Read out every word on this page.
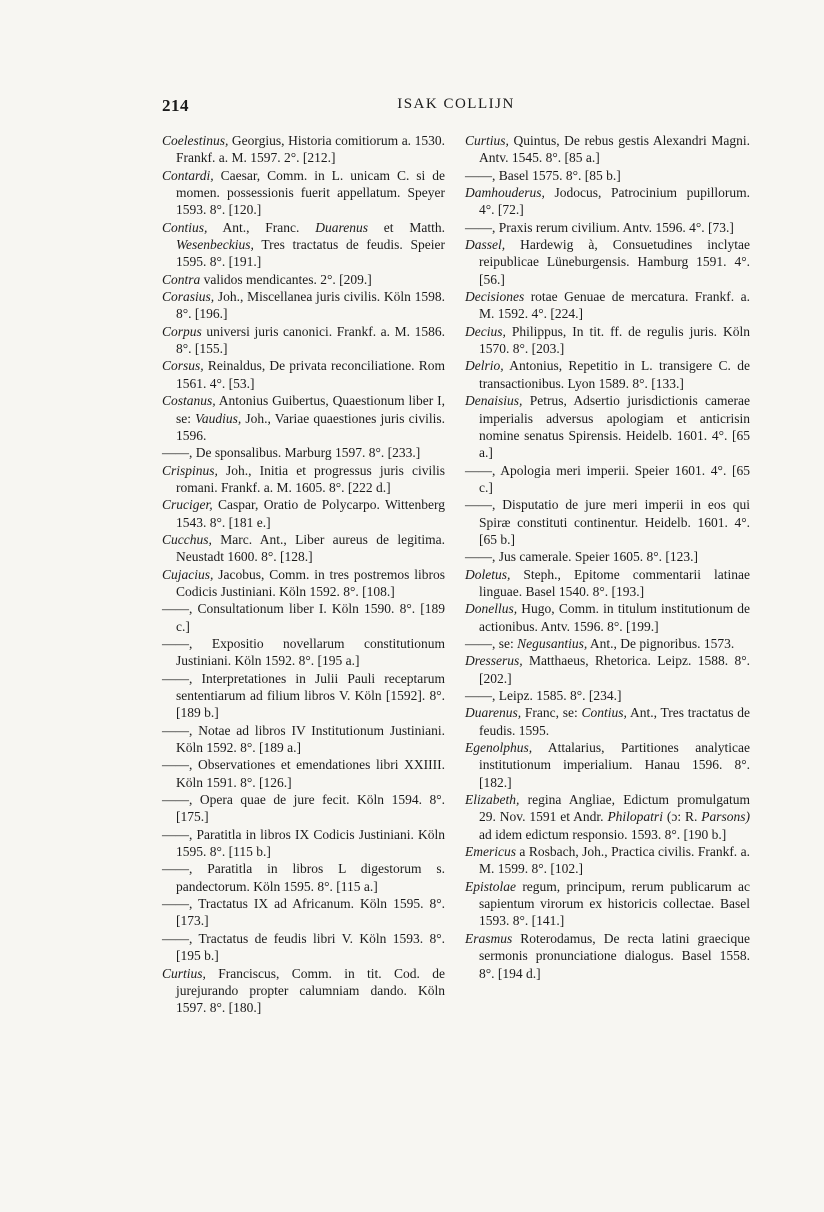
214	ISAK COLLIJN

Coelestinus, Georgius, Historia comitiorum a. 1530. Frankf. a. M. 1597. 2°. [212.]

Contardi, Caesar, Comm. in L. unicam C. si de momen. possessionis fuerit appellatum. Speyer 1593. 8°. [120.]

Contius, Ant., Franc. Duarenus et Matth. Wesenbeckius, Tres tractatus de feudis. Speier 1595. 8°. [191.]

Contra validos mendicantes. 2°. [209.]

Corasius, Joh., Miscellanea juris civilis. Köln 1598. 8°. [196.]

Corpus universi juris canonici. Frankf. a. M. 1586. 8°. [155.]

Corsus, Reinaldus, De privata reconciliatione. Rom 1561. 4°. [53.]

Costanus, Antonius Guibertus, Quaestionum liber I, se: Vaudius, Joh., Variae quaestiones juris civilis. 1596.

——, De sponsalibus. Marburg 1597. 8°. [233.]

Crispinus, Joh., Initia et progressus juris civilis romani. Frankf. a. M. 1605. 8°. [222 d.]

Cruciger, Caspar, Oratio de Polycarpo. Wittenberg 1543. 8°. [181 e.]

Cucchus, Marc. Ant., Liber aureus de legitima. Neustadt 1600. 8°. [128.]

Cujacius, Jacobus, Comm. in tres postremos libros Codicis Justiniani. Köln 1592. 8°. [108.]

——, Consultationum liber I. Köln 1590. 8°. [189 c.]

——, Expositio novellarum constitutionum Justiniani. Köln 1592. 8°. [195 a.]

——, Interpretationes in Julii Pauli receptarum sententiarum ad filium libros V. Köln [1592]. 8°. [189 b.]

——, Notae ad libros IV Institutionum Justiniani. Köln 1592. 8°. [189 a.]

——, Observationes et emendationes libri XXIIII. Köln 1591. 8°. [126.]

——, Opera quae de jure fecit. Köln 1594. 8°. [175.]

——, Paratitla in libros IX Codicis Justiniani. Köln 1595. 8°. [115 b.]

——, Paratitla in libros L digestorum s. pandectorum. Köln 1595. 8°. [115 a.]

——, Tractatus IX ad Africanum. Köln 1595. 8°. [173.]

——, Tractatus de feudis libri V. Köln 1593. 8°. [195 b.]

Curtius, Franciscus, Comm. in tit. Cod. de jurejurando propter calumniam dando. Köln 1597. 8°. [180.]

Curtius, Quintus, De rebus gestis Alexandri Magni. Antv. 1545. 8°. [85 a.]

——, Basel 1575. 8°. [85 b.]

Damhouderus, Jodocus, Patrocinium pupillorum. 4°. [72.]

——, Praxis rerum civilium. Antv. 1596. 4°. [73.]

Dassel, Hardewig à, Consuetudines inclytae reipublicae Lüneburgensis. Hamburg 1591. 4°. [56.]

Decisiones rotae Genuae de mercatura. Frankf. a. M. 1592. 4°. [224.]

Decius, Philippus, In tit. ff. de regulis juris. Köln 1570. 8°. [203.]

Delrio, Antonius, Repetitio in L. transigere C. de transactionibus. Lyon 1589. 8°. [133.]

Denaisius, Petrus, Adsertio jurisdictionis camerae imperialis adversus apologiam et anticrisin nomine senatus Spirensis. Heidelb. 1601. 4°. [65 a.]

——, Apologia meri imperii. Speier 1601. 4°. [65 c.]

——, Disputatio de jure meri imperii in eos qui Spiræ constituti continentur. Heidelb. 1601. 4°. [65 b.]

——, Jus camerale. Speier 1605. 8°. [123.]

Doletus, Steph., Epitome commentarii latinae linguae. Basel 1540. 8°. [193.]

Donellus, Hugo, Comm. in titulum institutionum de actionibus. Antv. 1596. 8°. [199.]

——, se: Negusantius, Ant., De pignoribus. 1573.

Dresserus, Matthaeus, Rhetorica. Leipz. 1588. 8°. [202.]

——, Leipz. 1585. 8°. [234.]

Duarenus, Franc, se: Contius, Ant., Tres tractatus de feudis. 1595.

Egenolphus, Attalarius, Partitiones analyticae institutionum imperialium. Hanau 1596. 8°. [182.]

Elizabeth, regina Angliae, Edictum promulgatum 29. Nov. 1591 et Andr. Philopatri (ɔ: R. Parsons) ad idem edictum responsio. 1593. 8°. [190 b.]

Emericus a Rosbach, Joh., Practica civilis. Frankf. a. M. 1599. 8°. [102.]

Epistolae regum, principum, rerum publicarum ac sapientum virorum ex historicis collectae. Basel 1593. 8°. [141.]

Erasmus Roterodamus, De recta latini graecique sermonis pronunciatione dialogus. Basel 1558. 8°. [194 d.]
